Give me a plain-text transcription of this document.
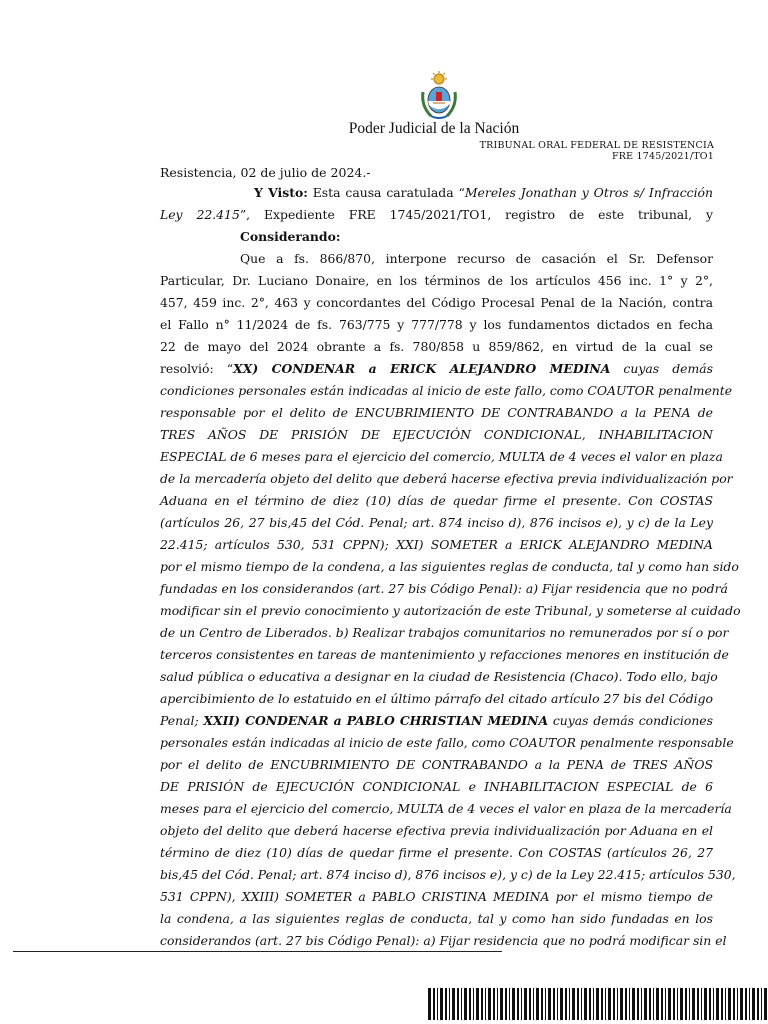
Poder Judicial de la Nación
TRIBUNAL ORAL FEDERAL DE RESISTENCIA
FRE 1745/2021/TO1
Resistencia, 02 de julio de 2024.-
Y Visto: Esta causa caratulada “Mereles Jonathan y Otros s/ Infracción
Ley 22.415”, Expediente FRE 1745/2021/TO1, registro de este tribunal, y
Considerando:
Que a fs. 866/870, interpone recurso de casación el Sr. Defensor
Particular, Dr. Luciano Donaire, en los términos de los artículos 456 inc. 1° y 2°,
457, 459 inc. 2°, 463 y concordantes del Código Procesal Penal de la Nación, contra
el Fallo n° 11/2024 de fs. 763/775 y 777/778 y los fundamentos dictados en fecha
22 de mayo del 2024 obrante a fs. 780/858 u 859/862, en virtud de la cual se
resolvió: “XX) CONDENAR a ERICK ALEJANDRO MEDINA cuyas demás
condiciones personales están indicadas al inicio de este fallo, como COAUTOR penalmente
responsable por el delito de ENCUBRIMIENTO DE CONTRABANDO a la PENA de
TRES AÑOS DE PRISIÓN DE EJECUCIÓN CONDICIONAL, INHABILITACION
ESPECIAL de 6 meses para el ejercicio del comercio, MULTA de 4 veces el valor en plaza
de la mercadería objeto del delito que deberá hacerse efectiva previa individualización por
Aduana en el término de diez (10) días de quedar firme el presente. Con COSTAS
(artículos 26, 27 bis,45 del Cód. Penal; art. 874 inciso d), 876 incisos e), y c) de la Ley
22.415; artículos 530, 531 CPPN); XXI) SOMETER a ERICK ALEJANDRO MEDINA
por el mismo tiempo de la condena, a las siguientes reglas de conducta, tal y como han sido
fundadas en los considerandos (art. 27 bis Código Penal): a) Fijar residencia que no podrá
modificar sin el previo conocimiento y autorización de este Tribunal, y someterse al cuidado
de un Centro de Liberados. b) Realizar trabajos comunitarios no remunerados por sí o por
terceros consistentes en tareas de mantenimiento y refacciones menores en institución de
salud pública o educativa a designar en la ciudad de Resistencia (Chaco). Todo ello, bajo
apercibimiento de lo estatuido en el último párrafo del citado artículo 27 bis del Código
Penal; XXII) CONDENAR a PABLO CHRISTIAN MEDINA cuyas demás condiciones
personales están indicadas al inicio de este fallo, como COAUTOR penalmente responsable
por el delito de ENCUBRIMIENTO DE CONTRABANDO a la PENA de TRES AÑOS
DE PRISIÓN de EJECUCIÓN CONDICIONAL e INHABILITACION ESPECIAL de 6
meses para el ejercicio del comercio, MULTA de 4 veces el valor en plaza de la mercadería
objeto del delito que deberá hacerse efectiva previa individualización por Aduana en el
término de diez (10) días de quedar firme el presente. Con COSTAS (artículos 26, 27
bis,45 del Cód. Penal; art. 874 inciso d), 876 incisos e), y c) de la Ley 22.415; artículos 530,
531 CPPN), XXIII) SOMETER a PABLO CRISTINA MEDINA por el mismo tiempo de
la condena, a las siguientes reglas de conducta, tal y como han sido fundadas en los
considerandos (art. 27 bis Código Penal): a) Fijar residencia que no podrá modificar sin el
